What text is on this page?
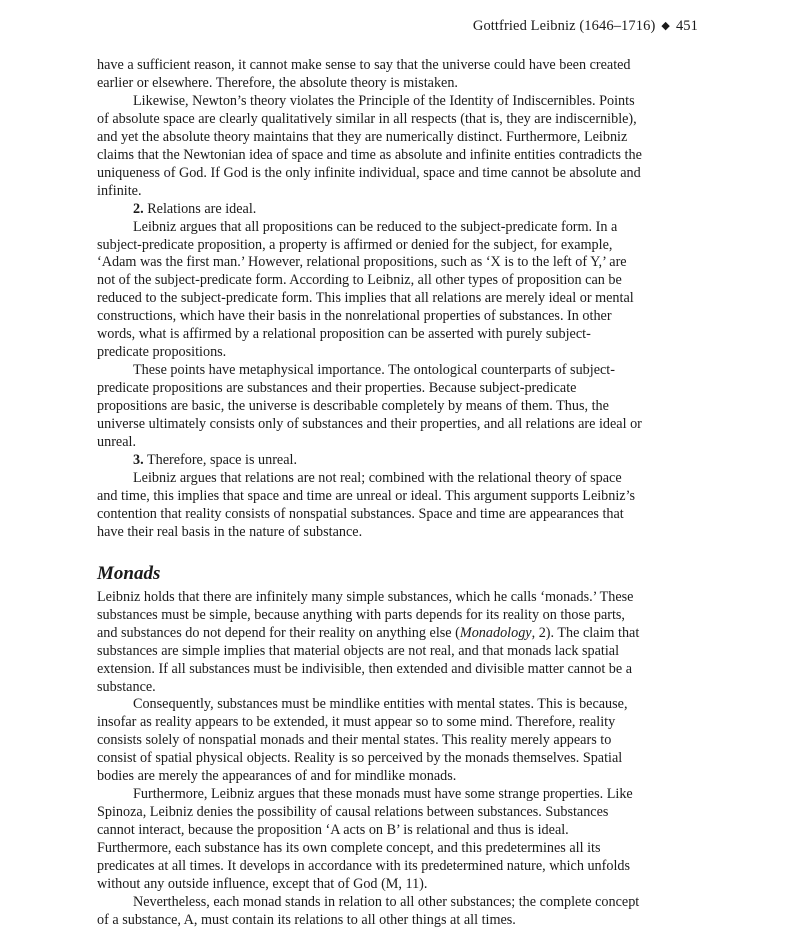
Gottfried Leibniz (1646–1716) ◆ 451

have a sufficient reason, it cannot make sense to say that the universe could have been created earlier or elsewhere. Therefore, the absolute theory is mistaken.

Likewise, Newton’s theory violates the Principle of the Identity of Indiscernibles. Points of absolute space are clearly qualitatively similar in all respects (that is, they are indiscernible), and yet the absolute theory maintains that they are numerically distinct. Furthermore, Leibniz claims that the Newtonian idea of space and time as absolute and infinite entities contradicts the uniqueness of God. If God is the only infinite individual, space and time cannot be absolute and infinite.

2. Relations are ideal.

Leibniz argues that all propositions can be reduced to the subject-predicate form. In a subject-predicate proposition, a property is affirmed or denied for the subject, for example, ‘Adam was the first man.’ However, relational propositions, such as ‘X is to the left of Y,’ are not of the subject-predicate form. According to Leibniz, all other types of proposition can be reduced to the subject-predicate form. This implies that all relations are merely ideal or mental constructions, which have their basis in the nonrelational properties of substances. In other words, what is affirmed by a relational proposition can be asserted with purely subject-predicate propositions.

These points have metaphysical importance. The ontological counterparts of subject-predicate propositions are substances and their properties. Because subject-predicate propositions are basic, the universe is describable completely by means of them. Thus, the universe ultimately consists only of substances and their properties, and all relations are ideal or unreal.

3. Therefore, space is unreal.

Leibniz argues that relations are not real; combined with the relational theory of space and time, this implies that space and time are unreal or ideal. This argument supports Leibniz’s contention that reality consists of nonspatial substances. Space and time are appearances that have their real basis in the nature of substance.

Monads

Leibniz holds that there are infinitely many simple substances, which he calls ‘monads.’ These substances must be simple, because anything with parts depends for its reality on those parts, and substances do not depend for their reality on anything else (Monadology, 2). The claim that substances are simple implies that material objects are not real, and that monads lack spatial extension. If all substances must be indivisible, then extended and divisible matter cannot be a substance.

Consequently, substances must be mindlike entities with mental states. This is because, insofar as reality appears to be extended, it must appear so to some mind. Therefore, reality consists solely of nonspatial monads and their mental states. This reality merely appears to consist of spatial physical objects. Reality is so perceived by the monads themselves. Spatial bodies are merely the appearances of and for mindlike monads.

Furthermore, Leibniz argues that these monads must have some strange properties. Like Spinoza, Leibniz denies the possibility of causal relations between substances. Substances cannot interact, because the proposition ‘A acts on B’ is relational and thus is ideal. Furthermore, each substance has its own complete concept, and this predetermines all its predicates at all times. It develops in accordance with its predetermined nature, which unfolds without any outside influence, except that of God (M, 11).

Nevertheless, each monad stands in relation to all other substances; the complete concept of a substance, A, must contain its relations to all other things at all times.
